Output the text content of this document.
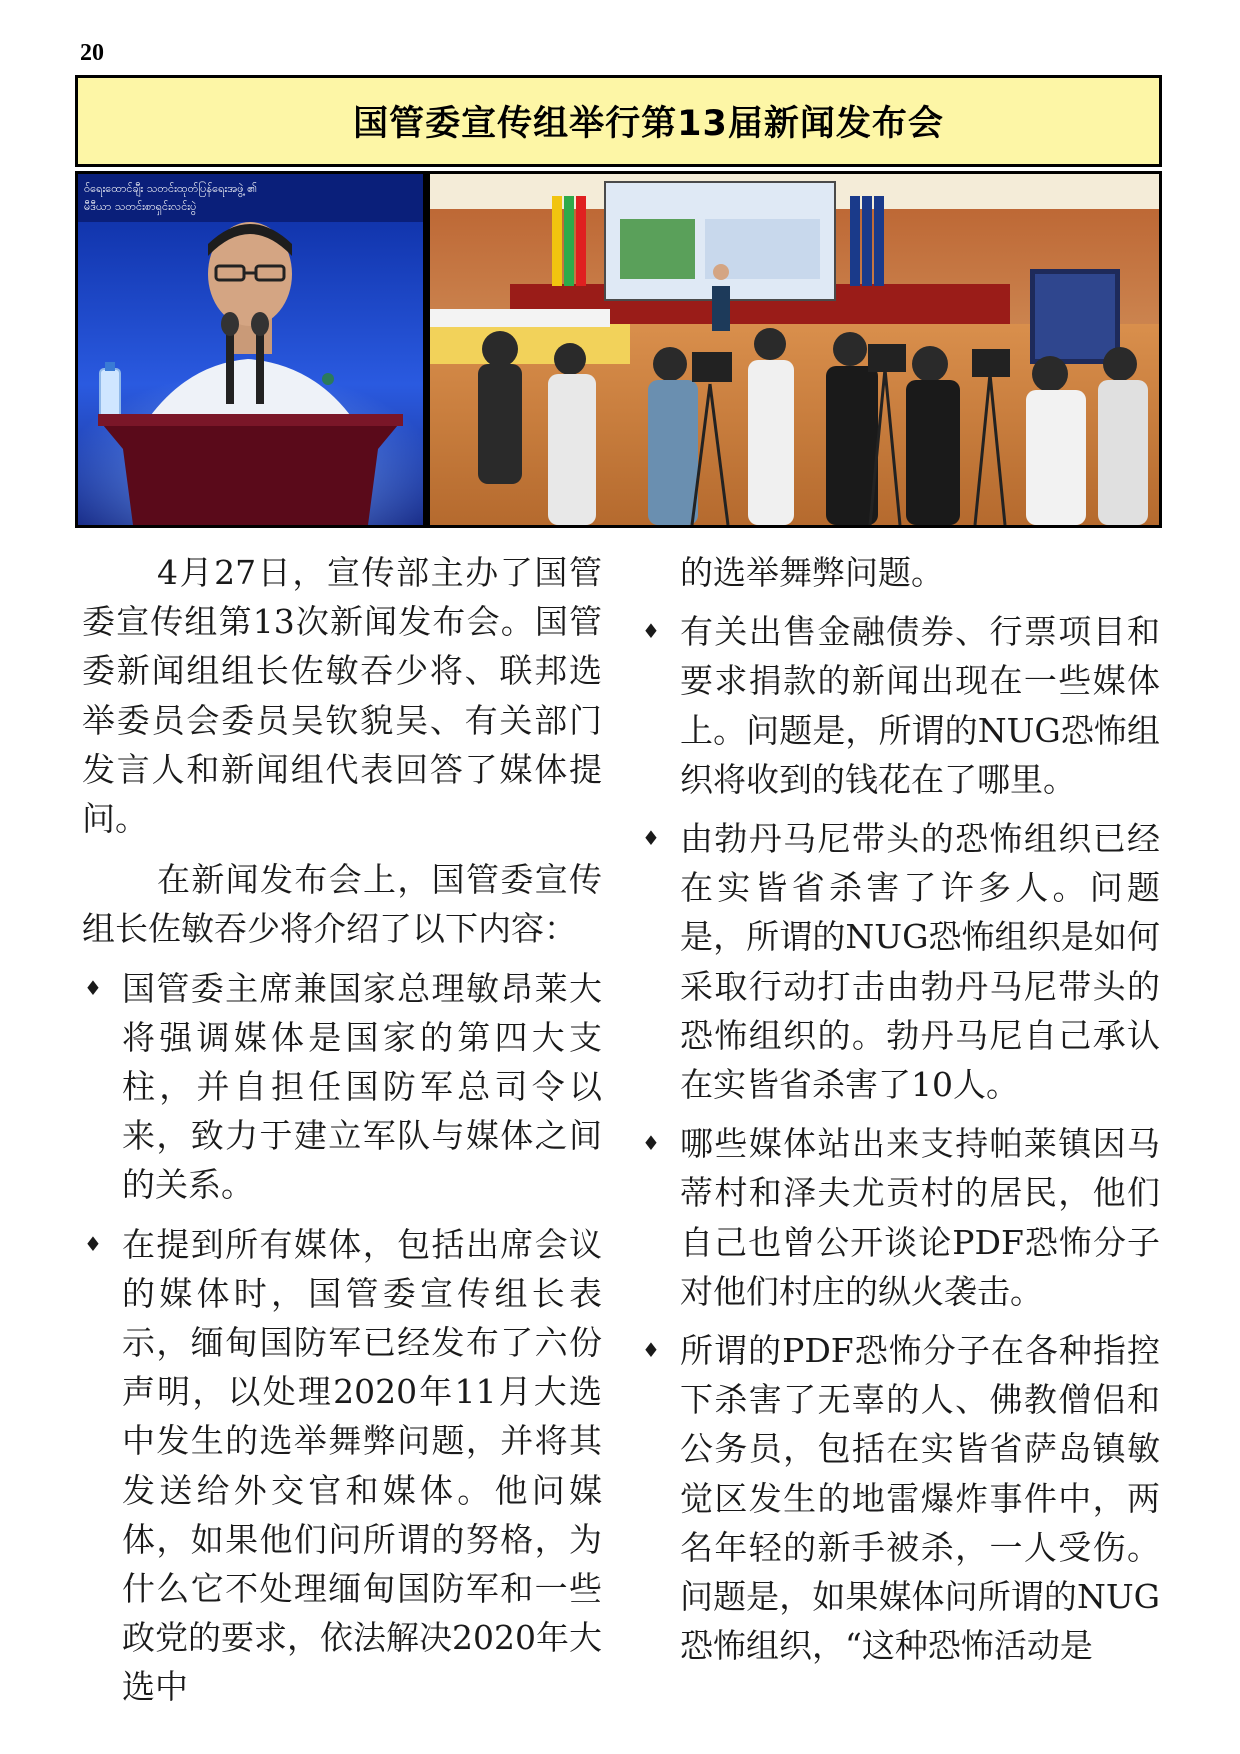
20
国管委宣传组举行第13届新闻发布会
ဝ်ရေးထောင်ချီး သတင်းထုတ်ပြန်ရေးအဖွဲ့ ၏
မီဒီယာ သတင်းစာရှင်းလင်းပွဲ

4月27日，宣传部主办了国管委宣传组第13次新闻发布会。国管委新闻组组长佐敏吞少将、联邦选举委员会委员吴钦貌吴、有关部门发言人和新闻组代表回答了媒体提问。

在新闻发布会上，国管委宣传组长佐敏吞少将介绍了以下内容：

♦ 国管委主席兼国家总理敏昂莱大将强调媒体是国家的第四大支柱，并自担任国防军总司令以来，致力于建立军队与媒体之间的关系。
♦ 在提到所有媒体，包括出席会议的媒体时，国管委宣传组长表示，缅甸国防军已经发布了六份声明，以处理2020年11月大选中发生的选举舞弊问题，并将其发送给外交官和媒体。他问媒体，如果他们问所谓的努格，为什么它不处理缅甸国防军和一些政党的要求，依法解决2020年大选中

的选举舞弊问题。

♦ 有关出售金融债券、行票项目和要求捐款的新闻出现在一些媒体上。问题是，所谓的NUG恐怖组织将收到的钱花在了哪里。
♦ 由勃丹马尼带头的恐怖组织已经在实皆省杀害了许多人。问题是，所谓的NUG恐怖组织是如何采取行动打击由勃丹马尼带头的恐怖组织的。勃丹马尼自己承认在实皆省杀害了10人。
♦ 哪些媒体站出来支持帕莱镇因马蒂村和泽夫尤贡村的居民，他们自己也曾公开谈论PDF恐怖分子对他们村庄的纵火袭击。
♦ 所谓的PDF恐怖分子在各种指控下杀害了无辜的人、佛教僧侣和公务员，包括在实皆省萨岛镇敏觉区发生的地雷爆炸事件中，两名年轻的新手被杀，一人受伤。问题是，如果媒体问所谓的NUG恐怖组织，“这种恐怖活动是
